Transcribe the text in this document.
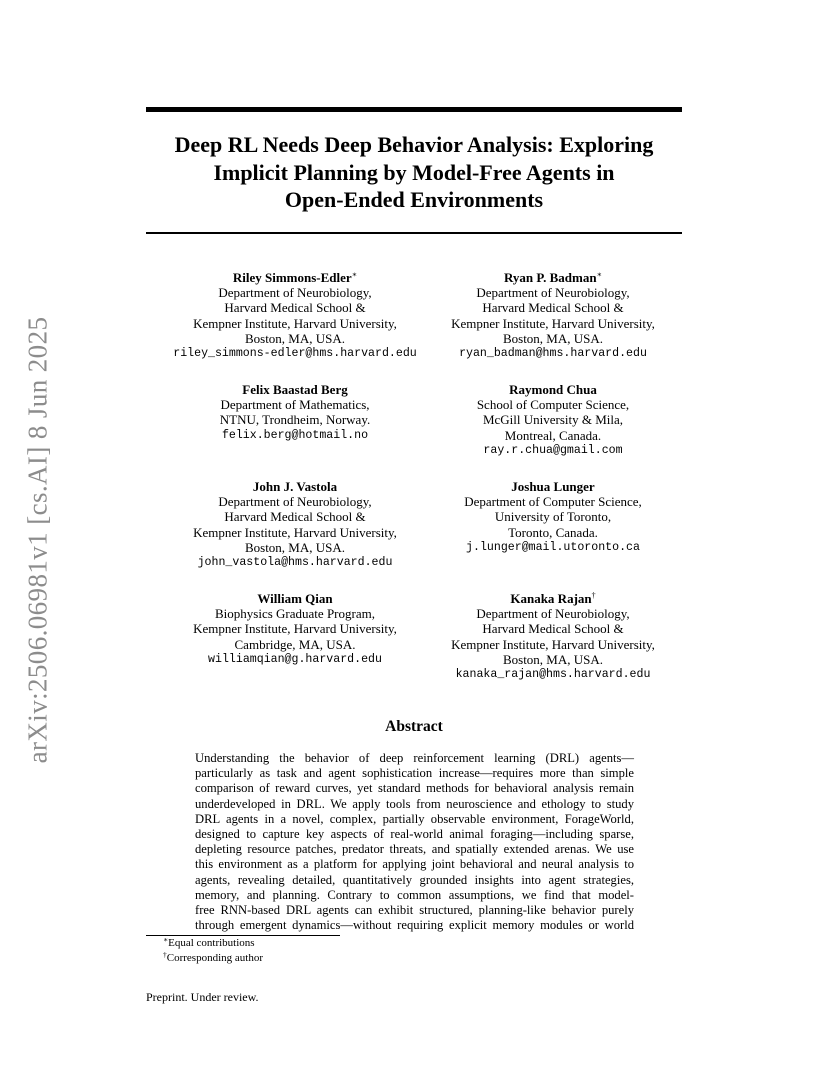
arXiv:2506.06981v1 [cs.AI] 8 Jun 2025
Deep RL Needs Deep Behavior Analysis: Exploring
Implicit Planning by Model-Free Agents in
Open-Ended Environments
Riley Simmons-Edler∗
Department of Neurobiology,
Harvard Medical School &
Kempner Institute, Harvard University,
Boston, MA, USA.
riley_simmons-edler@hms.harvard.edu
Ryan P. Badman∗
Department of Neurobiology,
Harvard Medical School &
Kempner Institute, Harvard University,
Boston, MA, USA.
ryan_badman@hms.harvard.edu
Felix Baastad Berg
Department of Mathematics,
NTNU, Trondheim, Norway.
felix.berg@hotmail.no
Raymond Chua
School of Computer Science,
McGill University & Mila,
Montreal, Canada.
ray.r.chua@gmail.com
John J. Vastola
Department of Neurobiology,
Harvard Medical School &
Kempner Institute, Harvard University,
Boston, MA, USA.
john_vastola@hms.harvard.edu
Joshua Lunger
Department of Computer Science,
University of Toronto,
Toronto, Canada.
j.lunger@mail.utoronto.ca
William Qian
Biophysics Graduate Program,
Kempner Institute, Harvard University,
Cambridge, MA, USA.
williamqian@g.harvard.edu
Kanaka Rajan†
Department of Neurobiology,
Harvard Medical School &
Kempner Institute, Harvard University,
Boston, MA, USA.
kanaka_rajan@hms.harvard.edu
Abstract
Understanding the behavior of deep reinforcement learning (DRL) agents—
particularly as task and agent sophistication increase—requires more than simple
comparison of reward curves, yet standard methods for behavioral analysis remain
underdeveloped in DRL. We apply tools from neuroscience and ethology to study
DRL agents in a novel, complex, partially observable environment, ForageWorld,
designed to capture key aspects of real-world animal foraging—including sparse,
depleting resource patches, predator threats, and spatially extended arenas. We use
this environment as a platform for applying joint behavioral and neural analysis to
agents, revealing detailed, quantitatively grounded insights into agent strategies,
memory, and planning. Contrary to common assumptions, we find that model-
free RNN-based DRL agents can exhibit structured, planning-like behavior purely
through emergent dynamics—without requiring explicit memory modules or world
∗Equal contributions
†Corresponding author
Preprint. Under review.
